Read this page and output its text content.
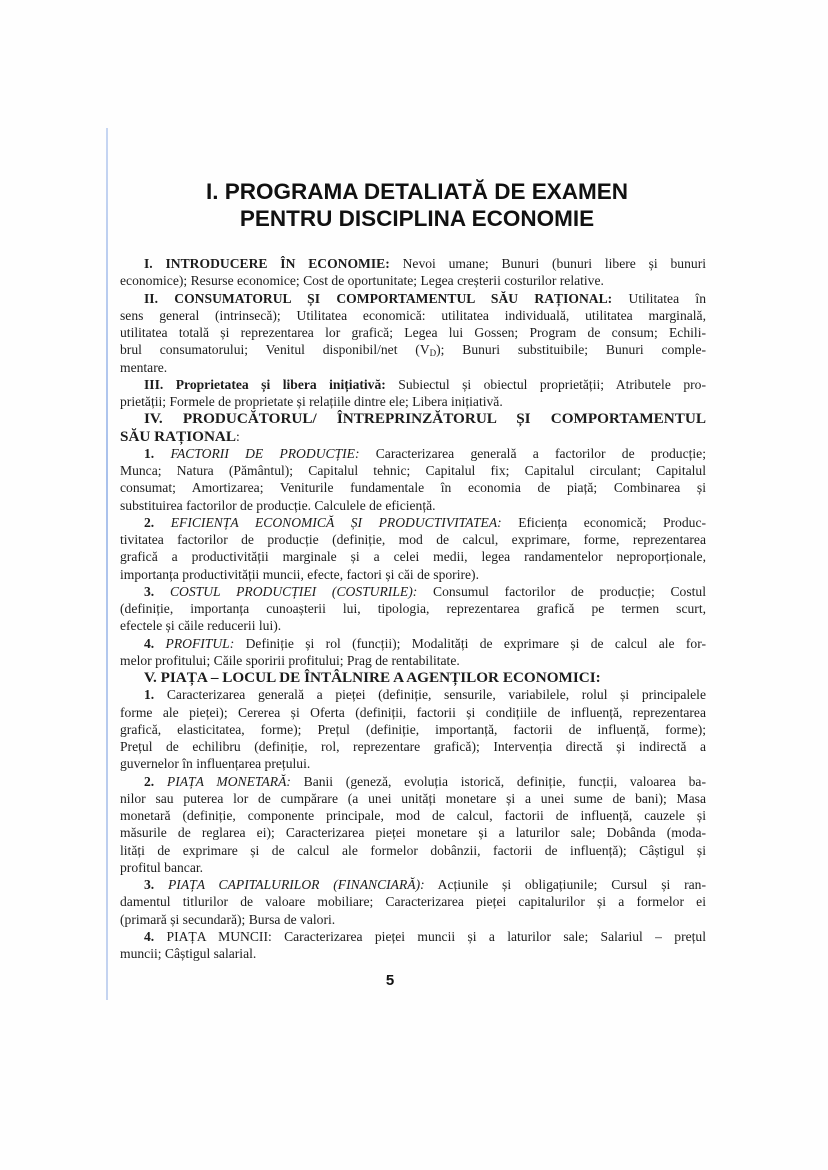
I. PROGRAMA DETALIATĂ DE EXAMEN
PENTRU DISCIPLINA ECONOMIE
I. INTRODUCERE ÎN ECONOMIE: Nevoi umane; Bunuri (bunuri libere și bunuri
economice); Resurse economice; Cost de oportunitate; Legea creșterii costurilor relative.
II. CONSUMATORUL ȘI COMPORTAMENTUL SĂU RAȚIONAL: Utilitatea în
sens general (intrinsecă); Utilitatea economică: utilitatea individuală, utilitatea marginală,
utilitatea totală și reprezentarea lor grafică; Legea lui Gossen; Program de consum; Echili-
brul consumatorului; Venitul disponibil/net $(V_D)$; Bunuri substituibile; Bunuri comple-
mentare.
III. Proprietatea și libera inițiativă: Subiectul și obiectul proprietății; Atributele pro-
prietății; Formele de proprietate și relațiile dintre ele; Libera inițiativă.
IV. PRODUCĂTORUL/ ÎNTREPRINZĂTORUL ȘI COMPORTAMENTUL
SĂU RAȚIONAL:
1. FACTORII DE PRODUCȚIE: Caracterizarea generală a factorilor de producție;
Munca; Natura (Pământul); Capitalul tehnic; Capitalul fix; Capitalul circulant; Capitalul
consumat; Amortizarea; Veniturile fundamentale în economia de piață; Combinarea și
substituirea factorilor de producție. Calculele de eficiență.
2. EFICIENȚA ECONOMICĂ ȘI PRODUCTIVITATEA: Eficiența economică; Produc-
tivitatea factorilor de producție (definiție, mod de calcul, exprimare, forme, reprezentarea
grafică a productivității marginale și a celei medii, legea randamentelor neproporționale,
importanța productivității muncii, efecte, factori și căi de sporire).
3. COSTUL PRODUCȚIEI (COSTURILE): Consumul factorilor de producție; Costul
(definiție, importanța cunoașterii lui, tipologia, reprezentarea grafică pe termen scurt,
efectele și căile reducerii lui).
4. PROFITUL: Definiție și rol (funcții); Modalități de exprimare și de calcul ale for-
melor profitului; Căile sporirii profitului; Prag de rentabilitate.
V. PIAȚA – LOCUL DE ÎNTÂLNIRE A AGENȚILOR ECONOMICI:
1. Caracterizarea generală a pieței (definiție, sensurile, variabilele, rolul și principalele
forme ale pieței); Cererea și Oferta (definiții, factorii și condițiile de influență, reprezentarea
grafică, elasticitatea, forme); Prețul (definiție, importanță, factorii de influență, forme);
Prețul de echilibru (definiție, rol, reprezentare grafică); Intervenția directă și indirectă a
guvernelor în influențarea prețului.
2. PIAȚA MONETARĂ: Banii (geneză, evoluția istorică, definiție, funcții, valoarea ba-
nilor sau puterea lor de cumpărare (a unei unități monetare și a unei sume de bani); Masa
monetară (definiție, componente principale, mod de calcul, factorii de influență, cauzele și
măsurile de reglarea ei); Caracterizarea pieței monetare și a laturilor sale; Dobânda (moda-
lități de exprimare și de calcul ale formelor dobânzii, factorii de influență); Câștigul și
profitul bancar.
3. PIAȚA CAPITALURILOR (FINANCIARĂ): Acțiunile și obligațiunile; Cursul și ran-
damentul titlurilor de valoare mobiliare; Caracterizarea pieței capitalurilor și a formelor ei
(primară și secundară); Bursa de valori.
4. PIAȚA MUNCII: Caracterizarea pieței muncii și a laturilor sale; Salariul – prețul
muncii; Câștigul salarial.
5
